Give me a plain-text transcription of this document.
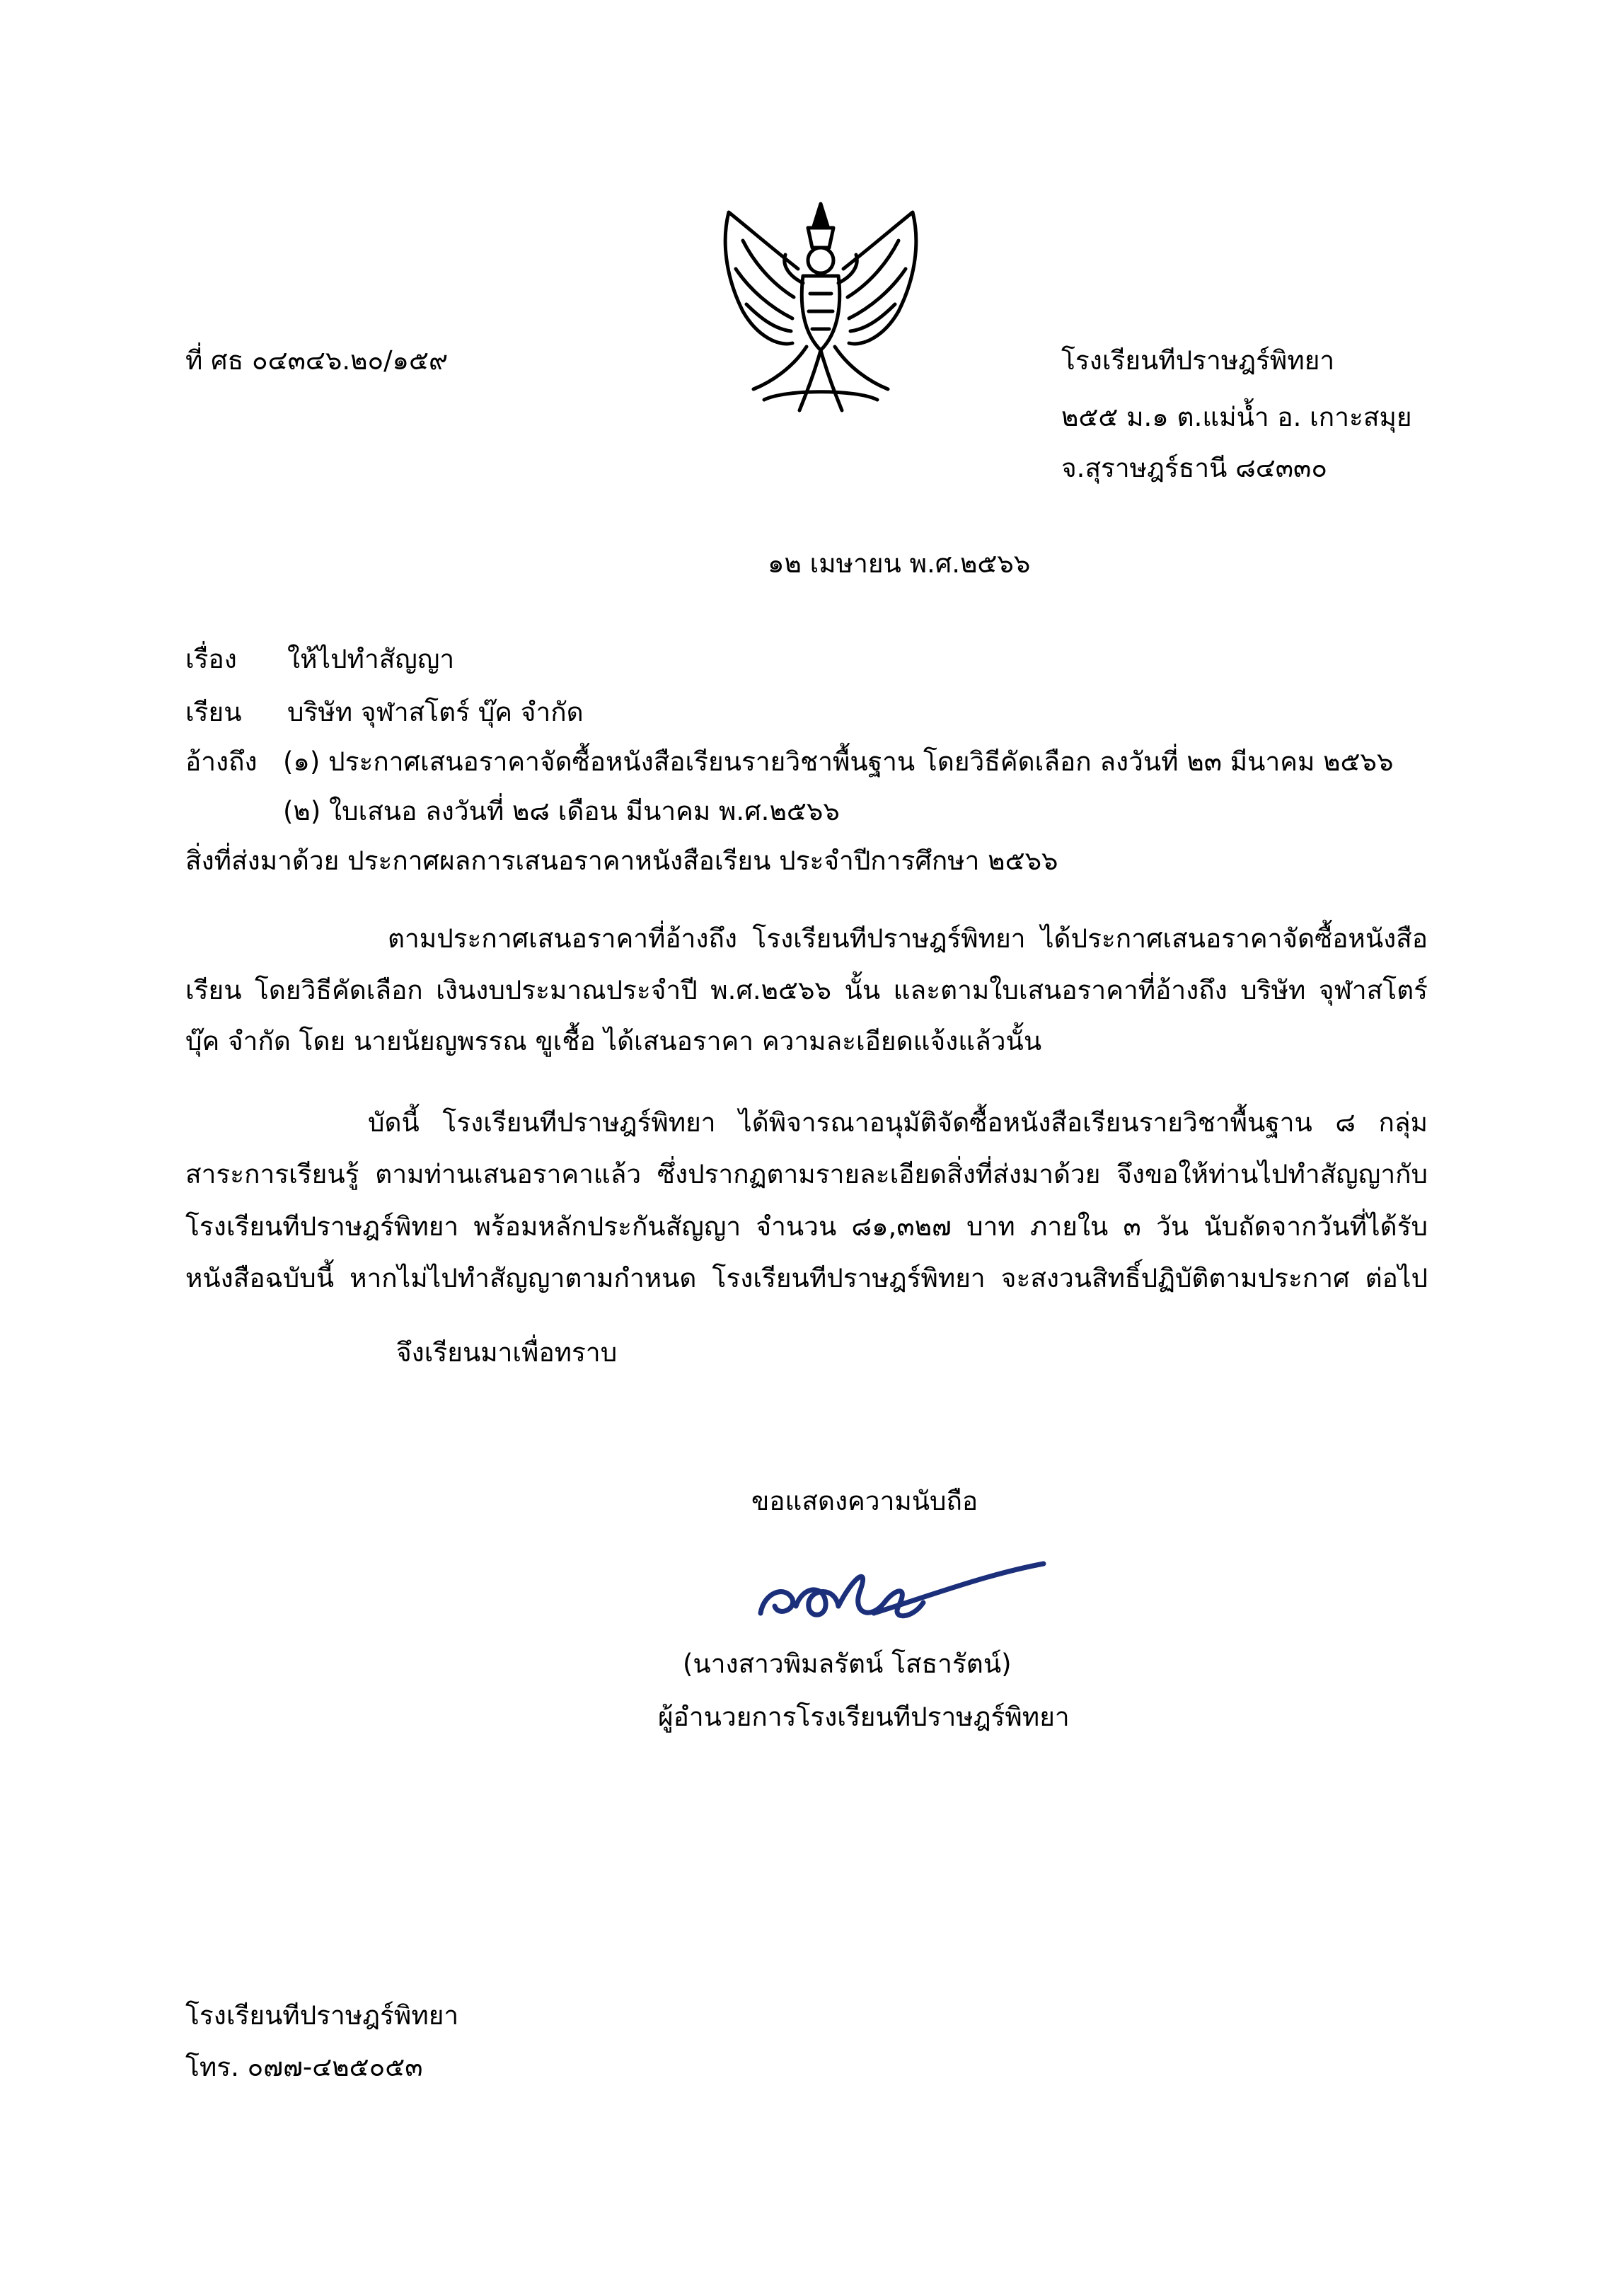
ที่ ศธ ๐๔๓๔๖.๒๐/๑๕๙	โรงเรียนทีปราษฎร์พิทยา
๒๕๕ ม.๑ ต.แม่น้ำ อ. เกาะสมุย
จ.สุราษฎร์ธานี ๘๔๓๓๐
๑๒ เมษายน พ.ศ.๒๕๖๖
เรื่อง ให้ไปทำสัญญา
เรียน บริษัท จุฬาสโตร์ บุ๊ค จำกัด
อ้างถึง (๑) ประกาศเสนอราคาจัดซื้อหนังสือเรียนรายวิชาพื้นฐาน โดยวิธีคัดเลือก ลงวันที่ ๒๓ มีนาคม ๒๕๖๖
(๒) ใบเสนอ ลงวันที่ ๒๘ เดือน มีนาคม พ.ศ.๒๕๖๖
สิ่งที่ส่งมาด้วย ประกาศผลการเสนอราคาหนังสือเรียน ประจำปีการศึกษา ๒๕๖๖
ตามประกาศเสนอราคาที่อ้างถึง โรงเรียนทีปราษฎร์พิทยา ได้ประกาศเสนอราคาจัดซื้อหนังสือ
เรียน โดยวิธีคัดเลือก เงินงบประมาณประจำปี พ.ศ.๒๕๖๖ นั้น และตามใบเสนอราคาที่อ้างถึง บริษัท จุฬาสโตร์
บุ๊ค จำกัด โดย นายนัยญพรรณ ขูเชื้อ ได้เสนอราคา ความละเอียดแจ้งแล้วนั้น
บัดนี้ โรงเรียนทีปราษฎร์พิทยา ได้พิจารณาอนุมัติจัดซื้อหนังสือเรียนรายวิชาพื้นฐาน ๘ กลุ่ม
สาระการเรียนรู้ ตามท่านเสนอราคาแล้ว ซึ่งปรากฏตามรายละเอียดสิ่งที่ส่งมาด้วย จึงขอให้ท่านไปทำสัญญากับ
โรงเรียนทีปราษฎร์พิทยา พร้อมหลักประกันสัญญา จำนวน ๘๑,๓๒๗ บาท ภายใน ๓ วัน นับถัดจากวันที่ได้รับ
หนังสือฉบับนี้ หากไม่ไปทำสัญญาตามกำหนด โรงเรียนทีปราษฎร์พิทยา จะสงวนสิทธิ์ปฏิบัติตามประกาศ ต่อไป
จึงเรียนมาเพื่อทราบ
ขอแสดงความนับถือ
(นางสาวพิมลรัตน์ โสธารัตน์)
ผู้อำนวยการโรงเรียนทีปราษฎร์พิทยา
โรงเรียนทีปราษฎร์พิทยา
โทร. ๐๗๗-๔๒๕๐๕๓
